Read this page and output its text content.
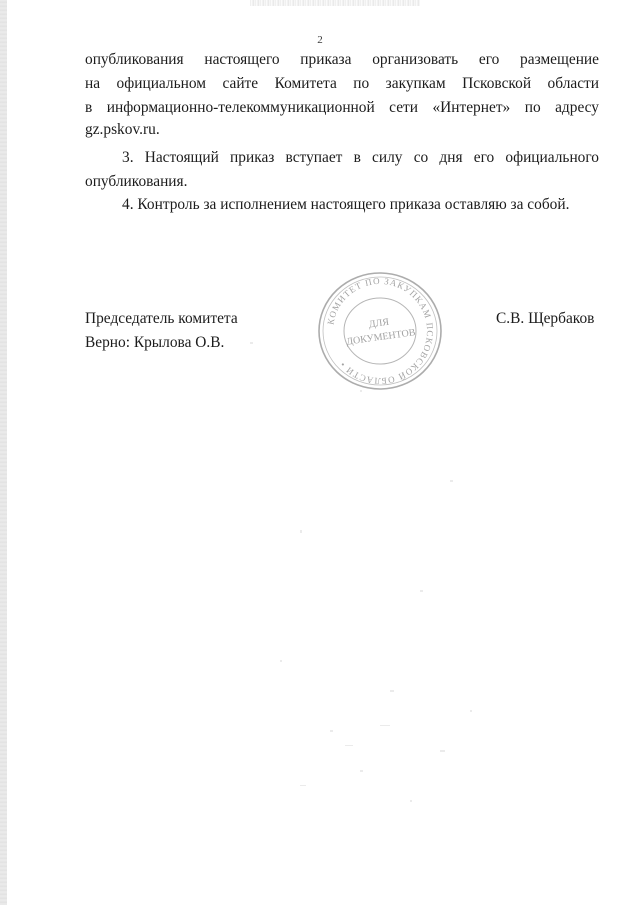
2
опубликования настоящего приказа организовать его размещение
на официальном сайте Комитета по закупкам Псковской области
в информационно-телекоммуникационной сети «Интернет» по адресу
gz.pskov.ru.
3. Настоящий приказ вступает в силу со дня его официального
опубликования.
4. Контроль за исполнением настоящего приказа оставляю за собой.
Председатель комитета
Верно: Крылова О.В.
С.В. Щербаков
КОМИТЕТ ПО ЗАКУПКАМ ПСКОВСКОЙ ОБЛАСТИ •
ДЛЯ
ДОКУМЕНТОВ
